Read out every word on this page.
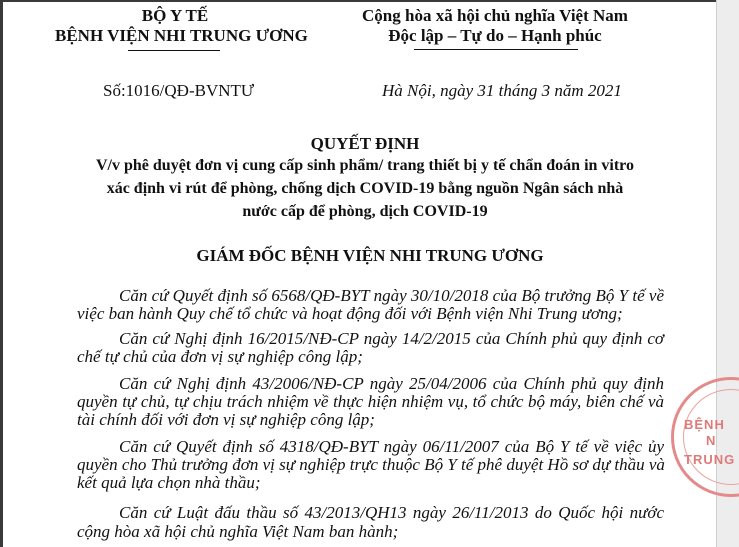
BỘ Y TẾ
BỆNH VIỆN NHI TRUNG ƯƠNG
Số:1016/QĐ-BVNTƯ
Cộng hòa xã hội chủ nghĩa Việt Nam
Độc lập – Tự do – Hạnh phúc
Hà Nội, ngày 31 tháng 3 năm 2021
QUYẾT ĐỊNH
V/v phê duyệt đơn vị cung cấp sinh phẩm/ trang thiết bị y tế chẩn đoán in vitro
xác định vi rút để phòng, chống dịch COVID-19 bằng nguồn Ngân sách nhà
nước cấp để phòng, dịch COVID-19
GIÁM ĐỐC BỆNH VIỆN NHI TRUNG ƯƠNG
Căn cứ Quyết định số 6568/QĐ-BYT ngày 30/10/2018 của Bộ trưởng Bộ Y tế về
việc ban hành Quy chế tổ chức và hoạt động đối với Bệnh viện Nhi Trung ương;
Căn cứ Nghị định 16/2015/NĐ-CP ngày 14/2/2015 của Chính phủ quy định cơ
chế tự chủ của đơn vị sự nghiệp công lập;
Căn cứ Nghị định 43/2006/NĐ-CP ngày 25/04/2006 của Chính phủ quy định
quyền tự chủ, tự chịu trách nhiệm về thực hiện nhiệm vụ, tổ chức bộ máy, biên chế và
tài chính đối với đơn vị sự nghiệp công lập;
Căn cứ Quyết định số 4318/QĐ-BYT ngày 06/11/2007 của Bộ Y tế về việc ủy
quyền cho Thủ trưởng đơn vị sự nghiệp trực thuộc Bộ Y tế phê duyệt Hồ sơ dự thầu và
kết quả lựa chọn nhà thầu;
Căn cứ Luật đấu thầu số 43/2013/QH13 ngày 26/11/2013 do Quốc hội nước
cộng hòa xã hội chủ nghĩa Việt Nam ban hành;
BỆNH
N
TRUNG
